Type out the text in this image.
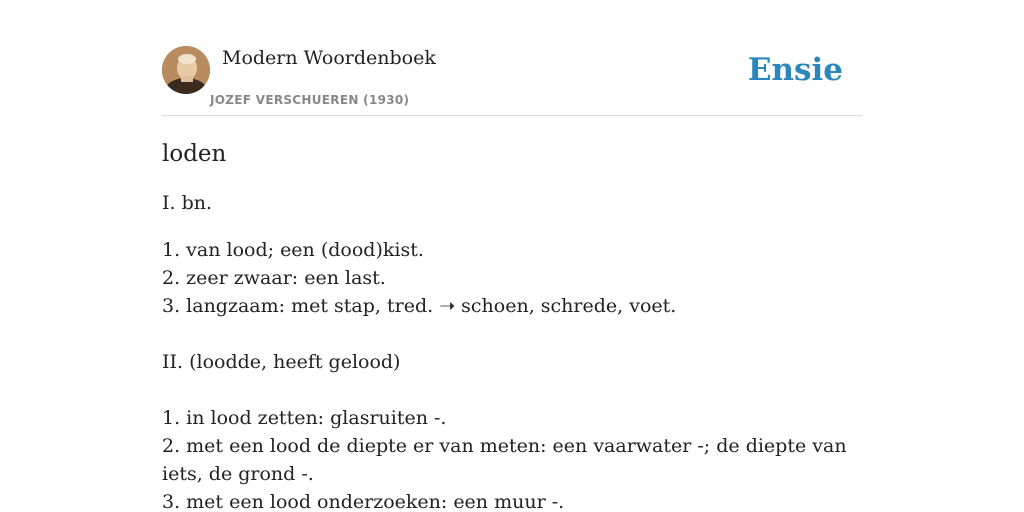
Modern Woordenboek
JOZEF VERSCHUEREN (1930)
Ensie
loden

I. bn.

1. van lood; een (dood)kist.
2. zeer zwaar: een last.
3. langzaam: met stap, tred. ➝ schoen, schrede, voet.

II. (loodde, heeft gelood)

1. in lood zetten: glasruiten -.
2. met een lood de diepte er van meten: een vaarwater -; de diepte van iets, de grond -.
3. met een lood onderzoeken: een muur -.
